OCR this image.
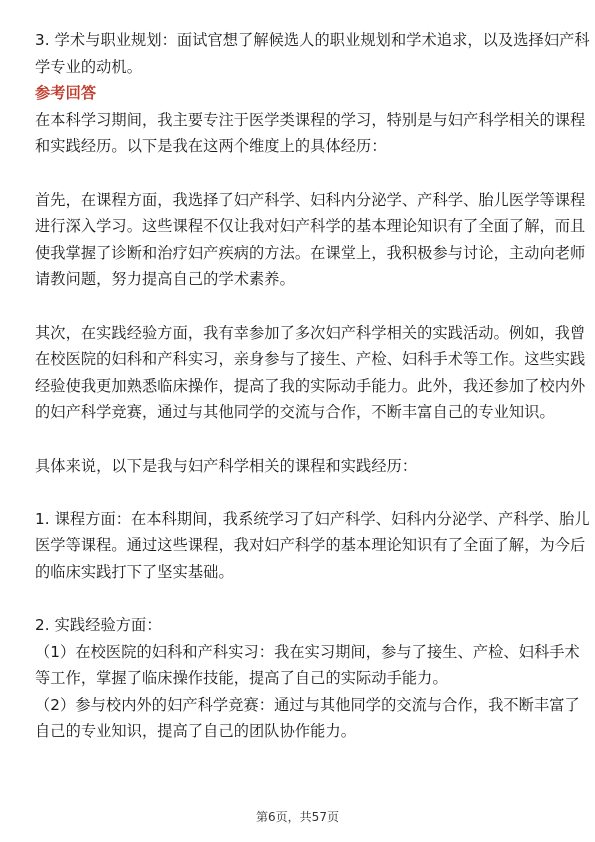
3. 学术与职业规划：面试官想了解候选人的职业规划和学术追求，以及选择妇产科
学专业的动机。
参考回答
在本科学习期间，我主要专注于医学类课程的学习，特别是与妇产科学相关的课程
和实践经历。以下是我在这两个维度上的具体经历：
首先，在课程方面，我选择了妇产科学、妇科内分泌学、产科学、胎儿医学等课程
进行深入学习。这些课程不仅让我对妇产科学的基本理论知识有了全面了解，而且
使我掌握了诊断和治疗妇产疾病的方法。在课堂上，我积极参与讨论，主动向老师
请教问题，努力提高自己的学术素养。
其次，在实践经验方面，我有幸参加了多次妇产科学相关的实践活动。例如，我曾
在校医院的妇科和产科实习，亲身参与了接生、产检、妇科手术等工作。这些实践
经验使我更加熟悉临床操作，提高了我的实际动手能力。此外，我还参加了校内外
的妇产科学竞赛，通过与其他同学的交流与合作，不断丰富自己的专业知识。
具体来说，以下是我与妇产科学相关的课程和实践经历：
1. 课程方面：在本科期间，我系统学习了妇产科学、妇科内分泌学、产科学、胎儿
医学等课程。通过这些课程，我对妇产科学的基本理论知识有了全面了解，为今后
的临床实践打下了坚实基础。
2. 实践经验方面：
（1）在校医院的妇科和产科实习：我在实习期间，参与了接生、产检、妇科手术
等工作，掌握了临床操作技能，提高了自己的实际动手能力。
（2）参与校内外的妇产科学竞赛：通过与其他同学的交流与合作，我不断丰富了
自己的专业知识，提高了自己的团队协作能力。
第6页，共57页
